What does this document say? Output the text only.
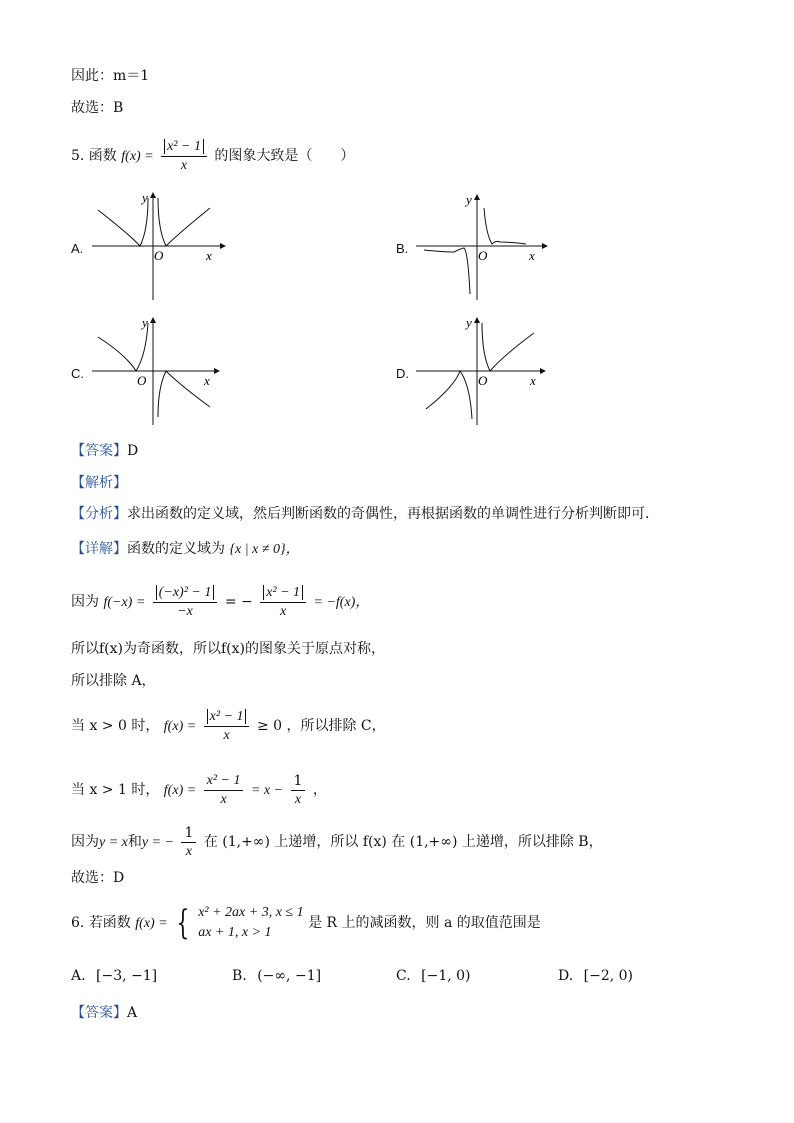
因此：m＝1
故选：B
5. 函数 $f(x) = \frac{\text{x² − 1}}{x}$ 的图象大致是（　　）
A.	B.
C.	D.
y
x
O
y
x
O
y
x
O
y
x
O
【答案】D
【解析】
【分析】求出函数的定义域，然后判断函数的奇偶性，再根据函数的单调性进行分析判断即可.
【详解】函数的定义域为 {x | x ≠ 0}，
因为 $f(-x) = \frac{\text{(−x)² − 1}}{-x}$ = − $\frac{\text{x² − 1}}{x} = -f(x)$，
所以f(x)为奇函数，所以f(x)的图象关于原点对称，
所以排除 A，
当 x > 0 时， $f(x) = \frac{\text{x² − 1}}{x} \ge 0$ ，所以排除 C，
当 x > 1 时， $f(x) = \frac{\text{x² − 1}}{x} = x - \frac{1}{x}$ ，
因为y = x和y = − $\frac{1}{x}$ 在 (1,+∞) 上递增，所以 f(x) 在 (1,+∞) 上递增，所以排除 B，
故选：D
6. 若函数 f(x) = { x² + 2ax + 3, x ≤ 1
ax + 1, x > 1
是 R 上的减函数，则 a 的取值范围是
A. [−3, −1]	B. (−∞, −1]	C. [−1, 0)	D. [−2, 0)
【答案】A
